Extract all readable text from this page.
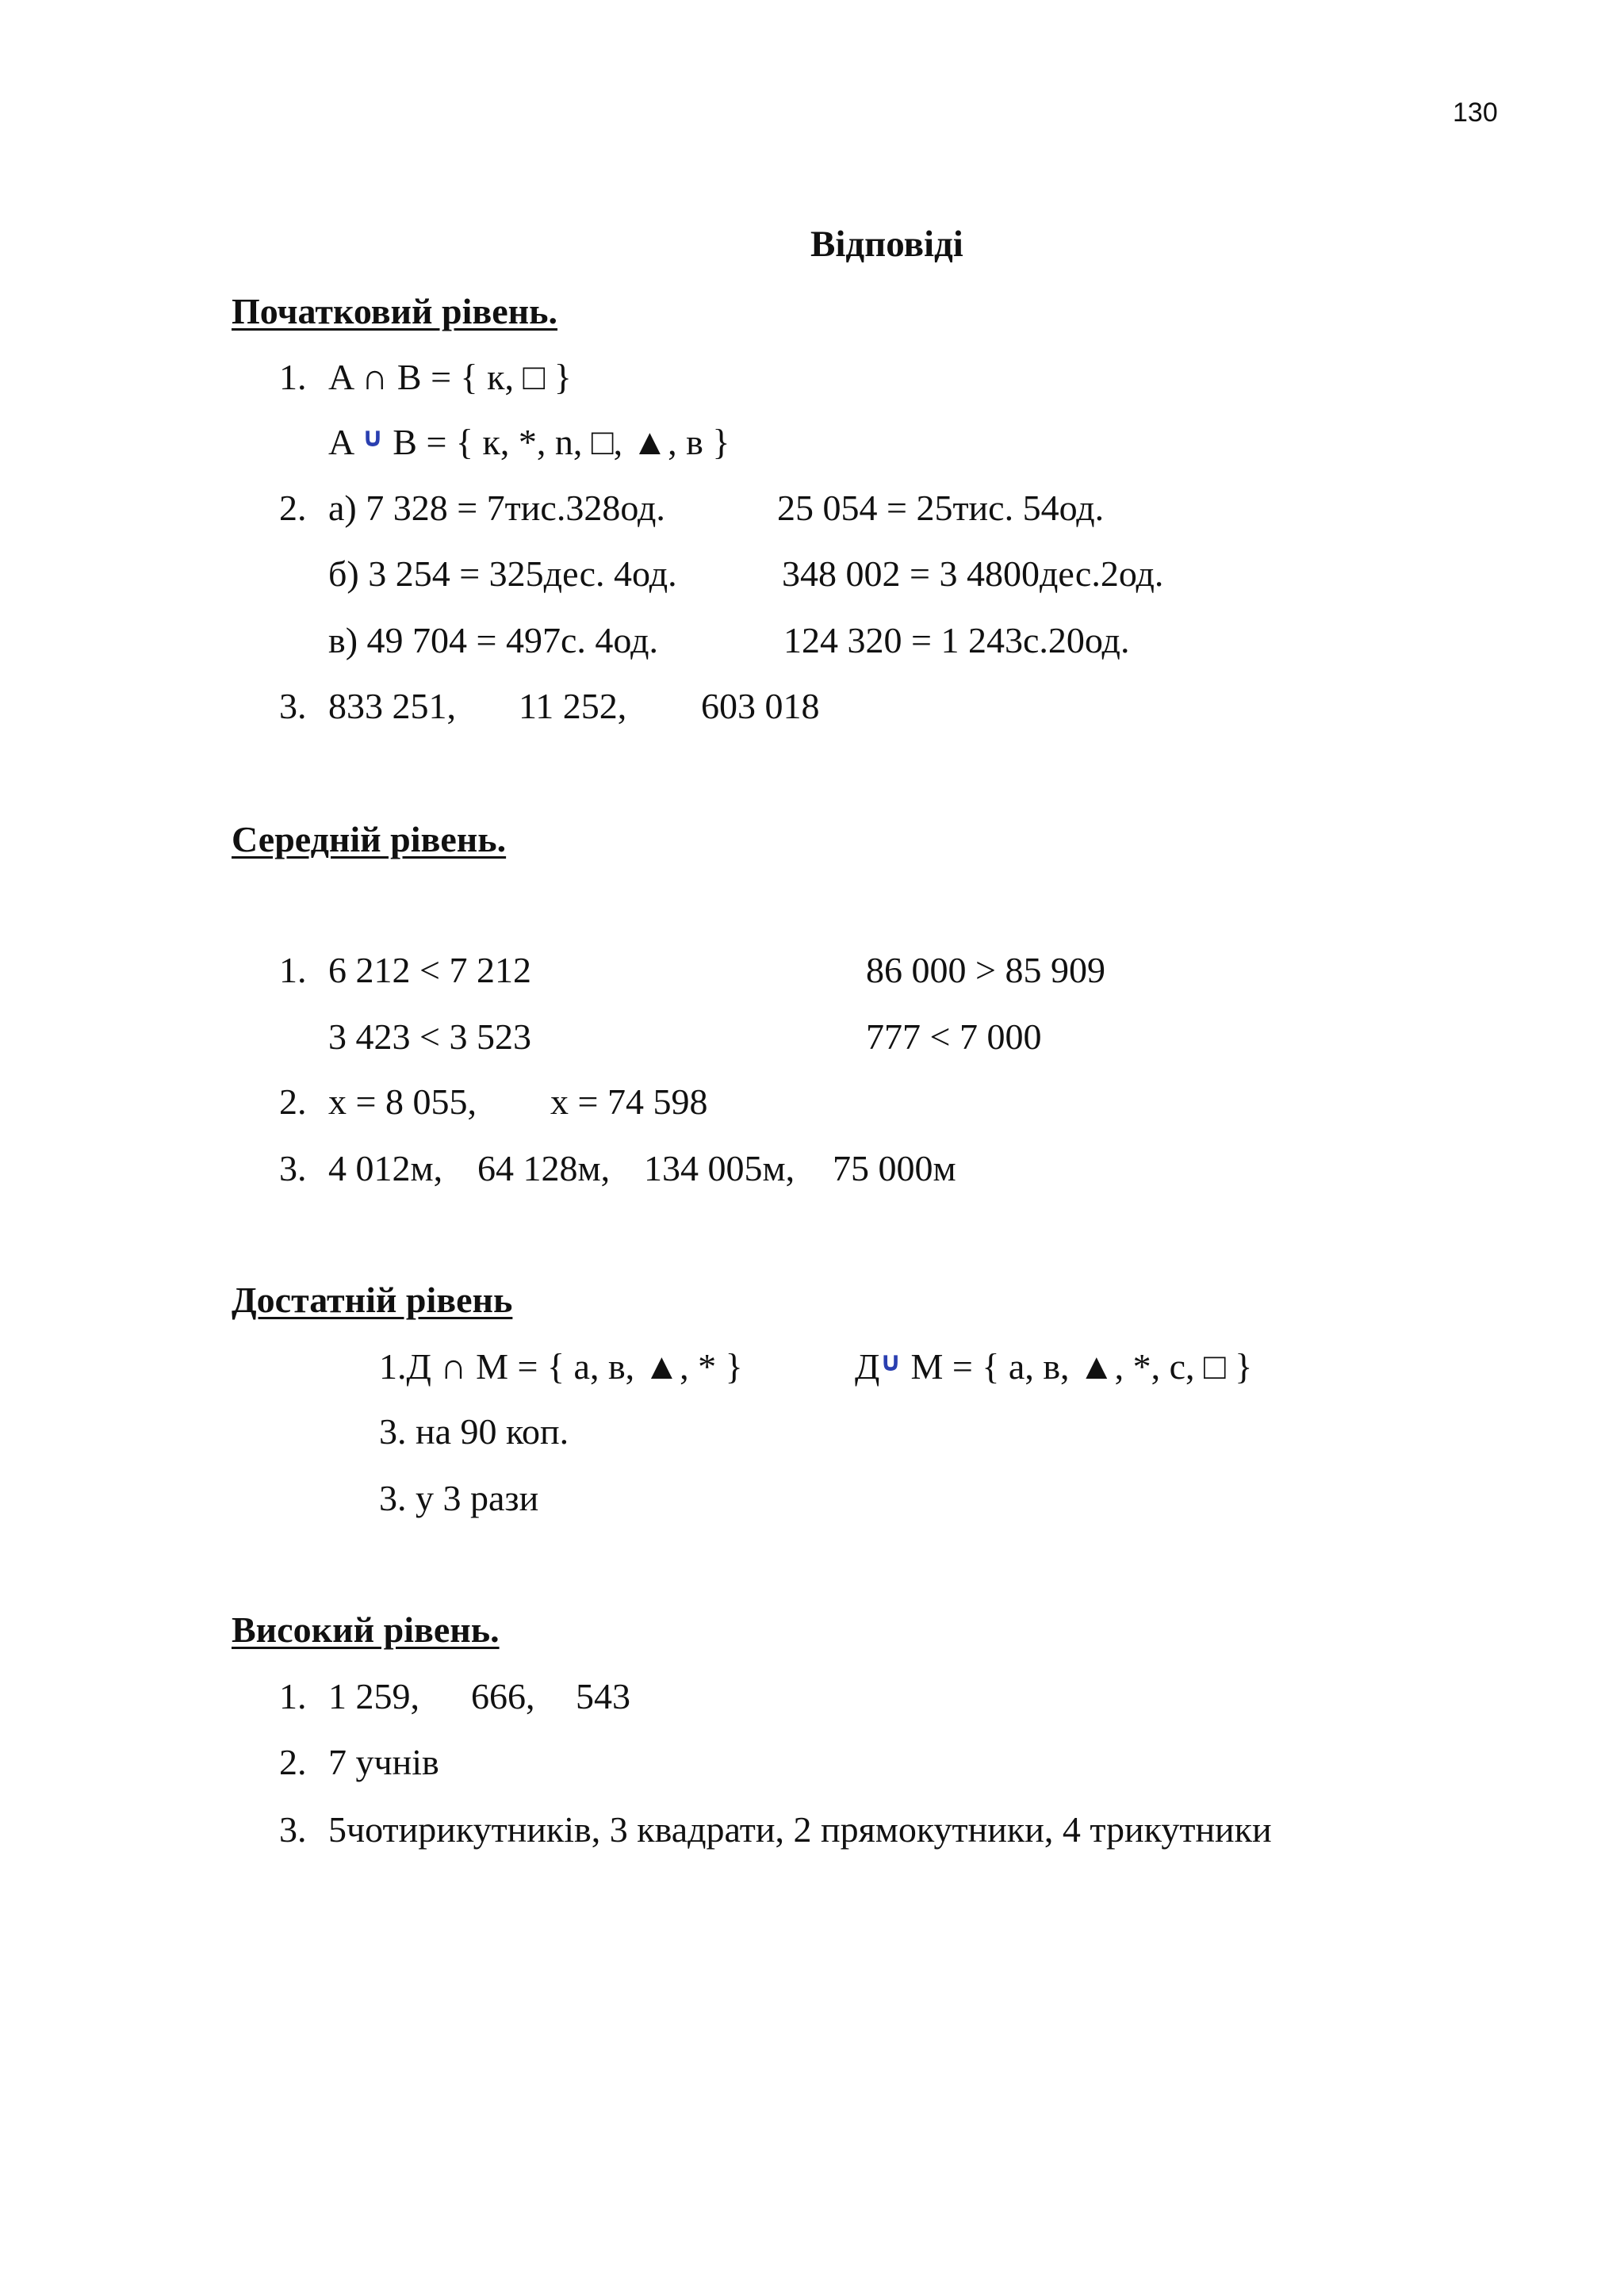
130
Відповіді
Початковий рівень.
1. A ∩ B = { к, □ }
A ∪ B = { к, *, n, □, ▲, в }
2. а) 7 328 = 7тис.328од.	25 054 = 25тис. 54од.
б) 3 254 = 325дес. 4од.	348 002 = 3 4800дес.2од.
в) 49 704 = 497с. 4од.	124 320 = 1 243с.20од.
3. 833 251, 11 252, 603 018
Середній рівень.
1. 6 212 < 7 212	86 000 > 85 909
3 423 < 3 523	777 < 7 000
2. x = 8 055, x = 74 598
3. 4 012м, 64 128м, 134 005м, 75 000м
Достатній рівень
1.Д ∩ M = { а, в, ▲, * }	Д∪ M = { а, в, ▲, *, с, □ }
3. на 90 коп.
3. у 3 рази
Високий рівень.
1. 1 259, 666, 543
2. 7 учнів
3. 5чотирикутників, 3 квадрати, 2 прямокутники, 4 трикутники
